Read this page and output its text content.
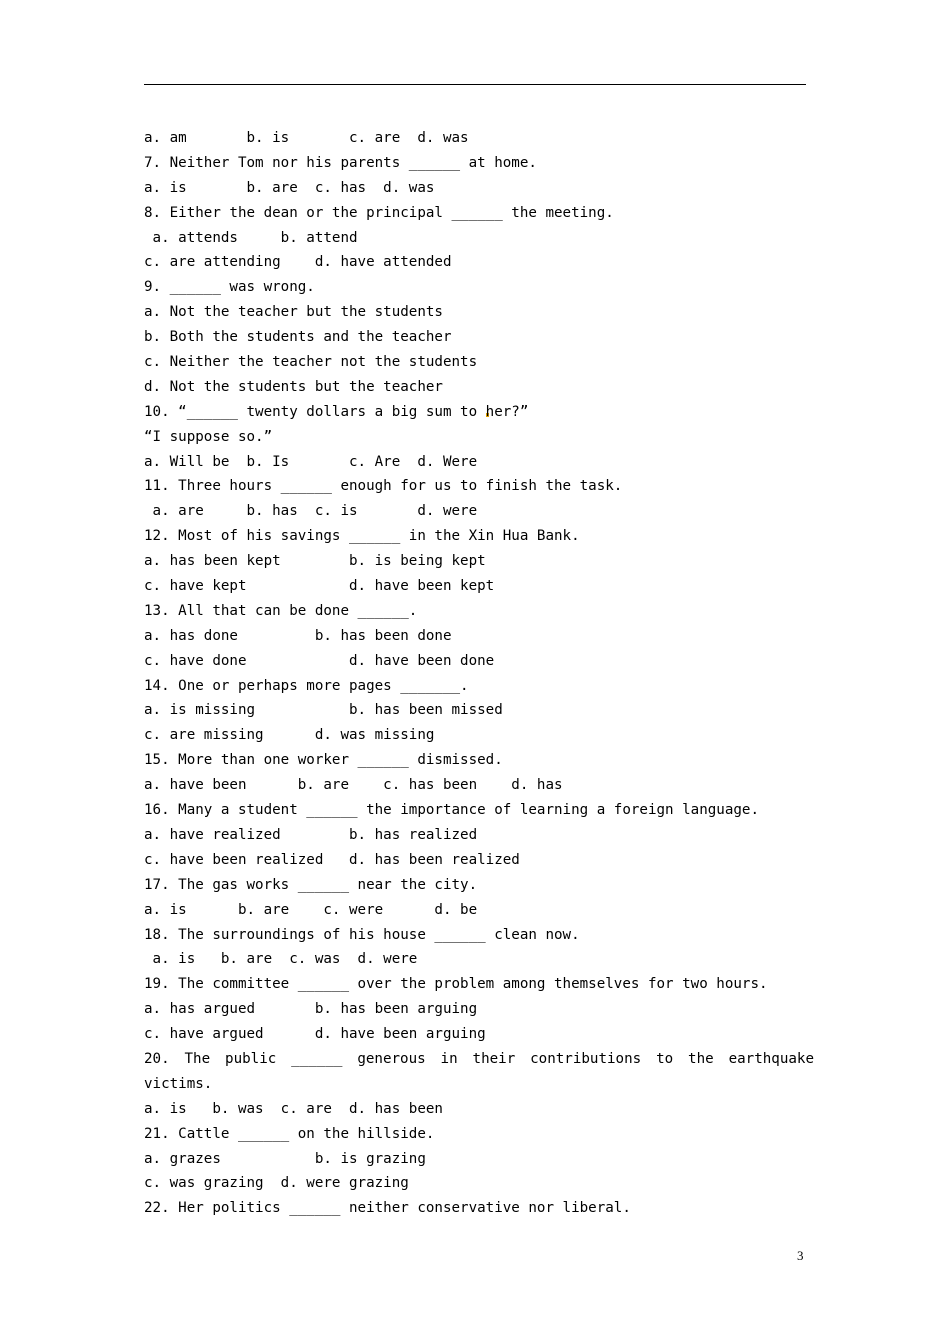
a. am       b. is       c. are  d. was
7. Neither Tom nor his parents ______ at home.
a. is       b. are  c. has  d. was
8. Either the dean or the principal ______ the meeting.
a. attends     b. attend
c. are attending    d. have attended
9. ______ was wrong.
a. Not the teacher but the students
b. Both the students and the teacher
c. Neither the teacher not the students
d. Not the students but the teacher
10. “______ twenty dollars a big sum to her?”
“I suppose so.”
a. Will be  b. Is       c. Are  d. Were
11. Three hours ______ enough for us to finish the task.
a. are     b. has  c. is       d. were
12. Most of his savings ______ in the Xin Hua Bank.
a. has been kept        b. is being kept
c. have kept            d. have been kept
13. All that can be done ______.
a. has done         b. has been done
c. have done            d. have been done
14. One or perhaps more pages _______.
a. is missing           b. has been missed
c. are missing      d. was missing
15. More than one worker ______ dismissed.
a. have been      b. are    c. has been    d. has
16. Many a student ______ the importance of learning a foreign language.
a. have realized        b. has realized
c. have been realized   d. has been realized
17. The gas works ______ near the city.
a. is      b. are    c. were      d. be
18. The surroundings of his house ______ clean now.
a. is   b. are  c. was  d. were
19. The committee ______ over the problem among themselves for two hours.
a. has argued       b. has been arguing
c. have argued      d. have been arguing
20. The public ______ generous in their contributions to the earthquake
victims.
a. is   b. was  c. are  d. has been
21. Cattle ______ on the hillside.
a. grazes           b. is grazing
c. was grazing  d. were grazing
22. Her politics ______ neither conservative nor liberal.
3
